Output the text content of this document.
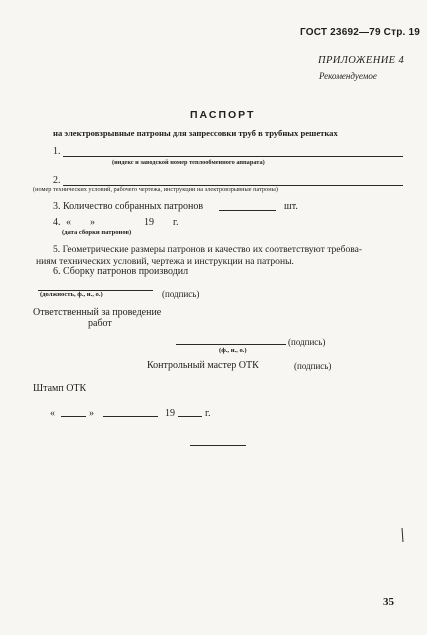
ГОСТ 23692—79 Стр. 19
ПРИЛОЖЕНИЕ 4
Рекомендуемое
ПАСПОРТ
на электровзрывные патроны для запрессовки труб в трубных решетках
1.
(индекс и заводской номер теплообменного аппарата)
2.
(номер технических условий, рабочего чертежа, инструкции на электровзрывные патроны)
3. Количество собранных патронов	шт.
4. « »	19 г.
(дата сборки патронов)
5. Геометрические размеры патронов и качество их соответствуют требова-
ниям технических условий, чертежа и инструкции на патроны.
6. Сборку патронов производил
(должность, ф., и., о.)	(подпись)
Ответственный за проведение
работ
(подпись)
(ф., и., о.)
Контрольный мастер ОТК	(подпись)
Штамп ОТК
«	»	19	г.
35
